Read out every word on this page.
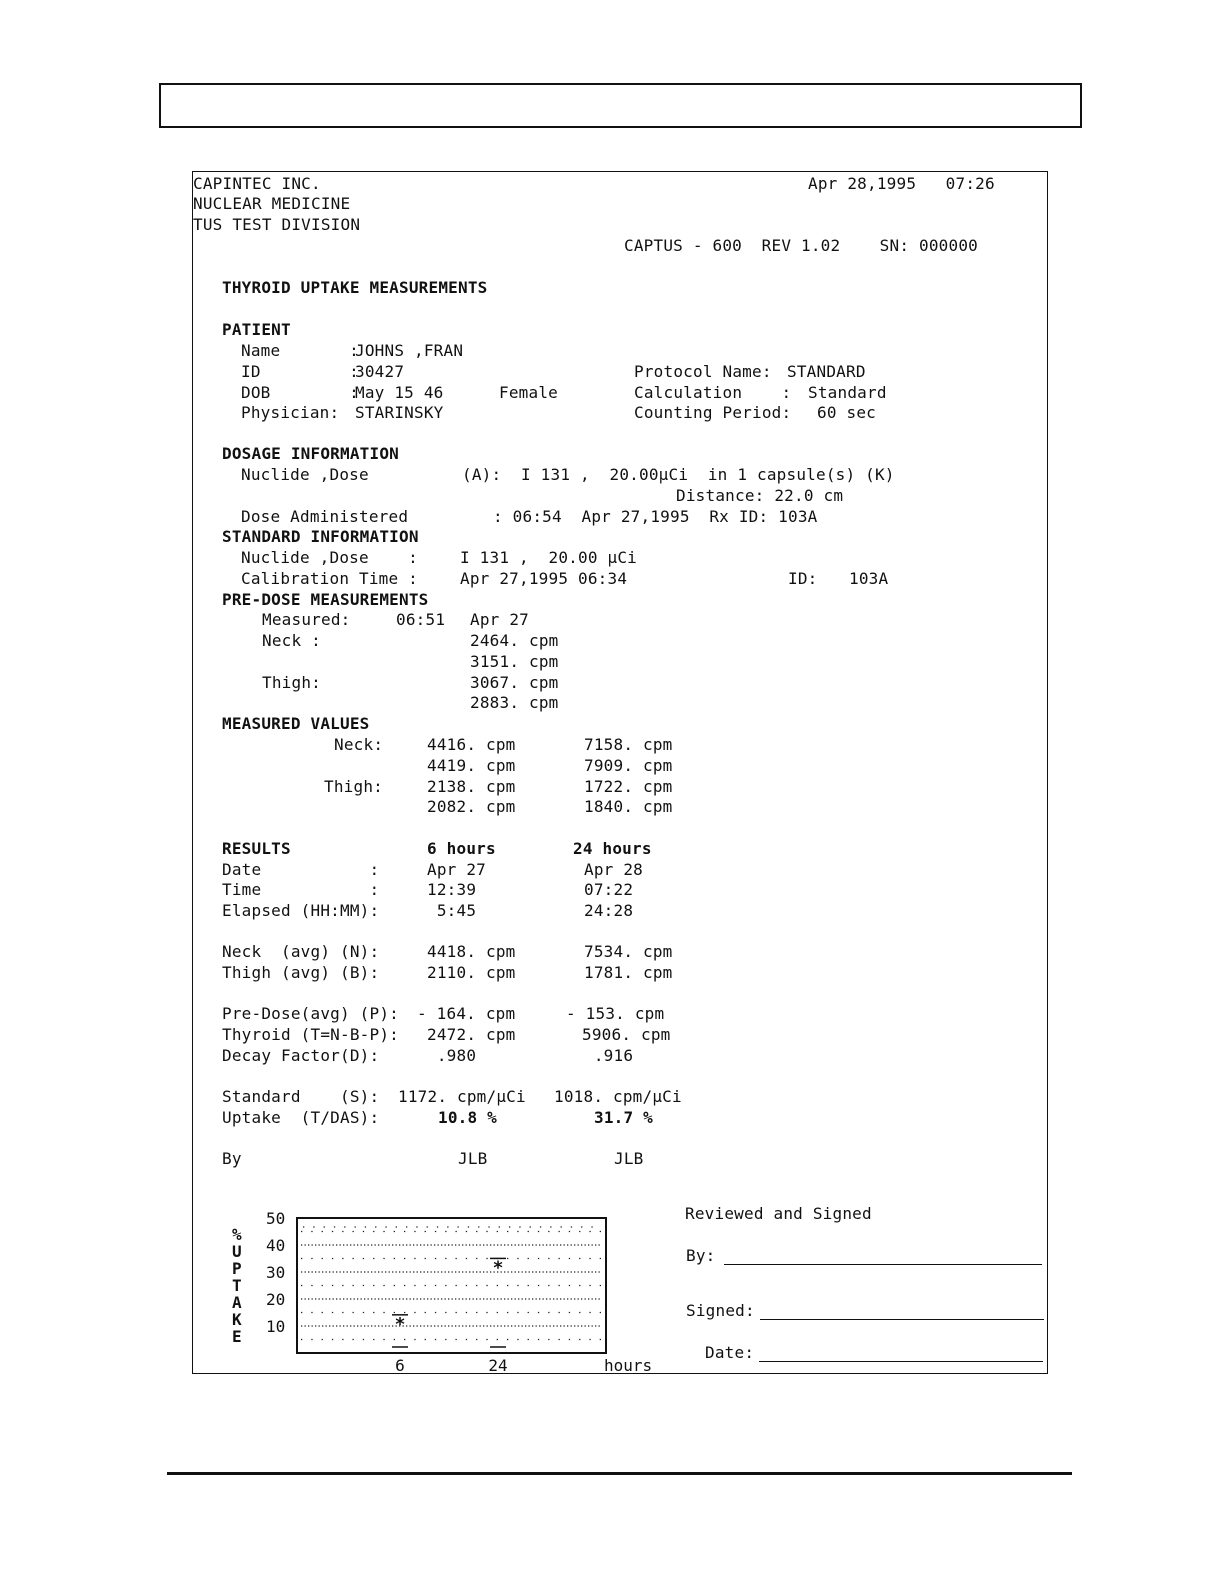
CAPINTEC INC.
NUCLEAR MEDICINE
TUS TEST DIVISION
Apr 28,1995   07:26
CAPTUS - 600  REV 1.02    SN: 000000
THYROID UPTAKE MEASUREMENTS
PATIENT
Name       :
JOHNS ,FRAN
ID         :
30427
DOB        :
May 15 46	Female
Physician: STARINSKY
Protocol Name: STANDARD
Calculation    : Standard
Counting Period: 60 sec
DOSAGE INFORMATION
Nuclide ,Dose	(A):  I 131 ,  20.00µCi  in 1 capsule(s) (K)
Distance: 22.0 cm
Dose Administered	: 06:54  Apr 27,1995  Rx ID: 103A
STANDARD INFORMATION
Nuclide ,Dose    :	I 131 ,  20.00 µCi
Calibration Time :	Apr 27,1995 06:34	ID: 103A
PRE-DOSE MEASUREMENTS
Measured:	06:51 Apr 27
Neck :	2464. cpm
3151. cpm
Thigh:	3067. cpm
2883. cpm
MEASURED VALUES
Neck:	4416. cpm	7158. cpm
4419. cpm	7909. cpm
Thigh:	2138. cpm	1722. cpm
2082. cpm	1840. cpm
RESULTS	6 hours	24 hours
Date           :	Apr 27	Apr 28
Time           :	12:39	07:22
Elapsed (HH:MM):	5:45	24:28
Neck  (avg) (N):	4418. cpm	7534. cpm
Thigh (avg) (B):	2110. cpm	1781. cpm
Pre-Dose(avg) (P): - 164. cpm	- 153. cpm
Thyroid (T=N-B-P): 2472. cpm	5906. cpm
Decay Factor(D):	.980	.916
Standard    (S): 1172. cpm/µCi 1018. cpm/µCi
Uptake  (T/DAS):	10.8 %	31.7 %
By	JLB	JLB
50
40
30
20
10
%
U
P
T
A
K
E
6	24	hours
*
*
Reviewed and Signed
By:
Signed:
Date:
